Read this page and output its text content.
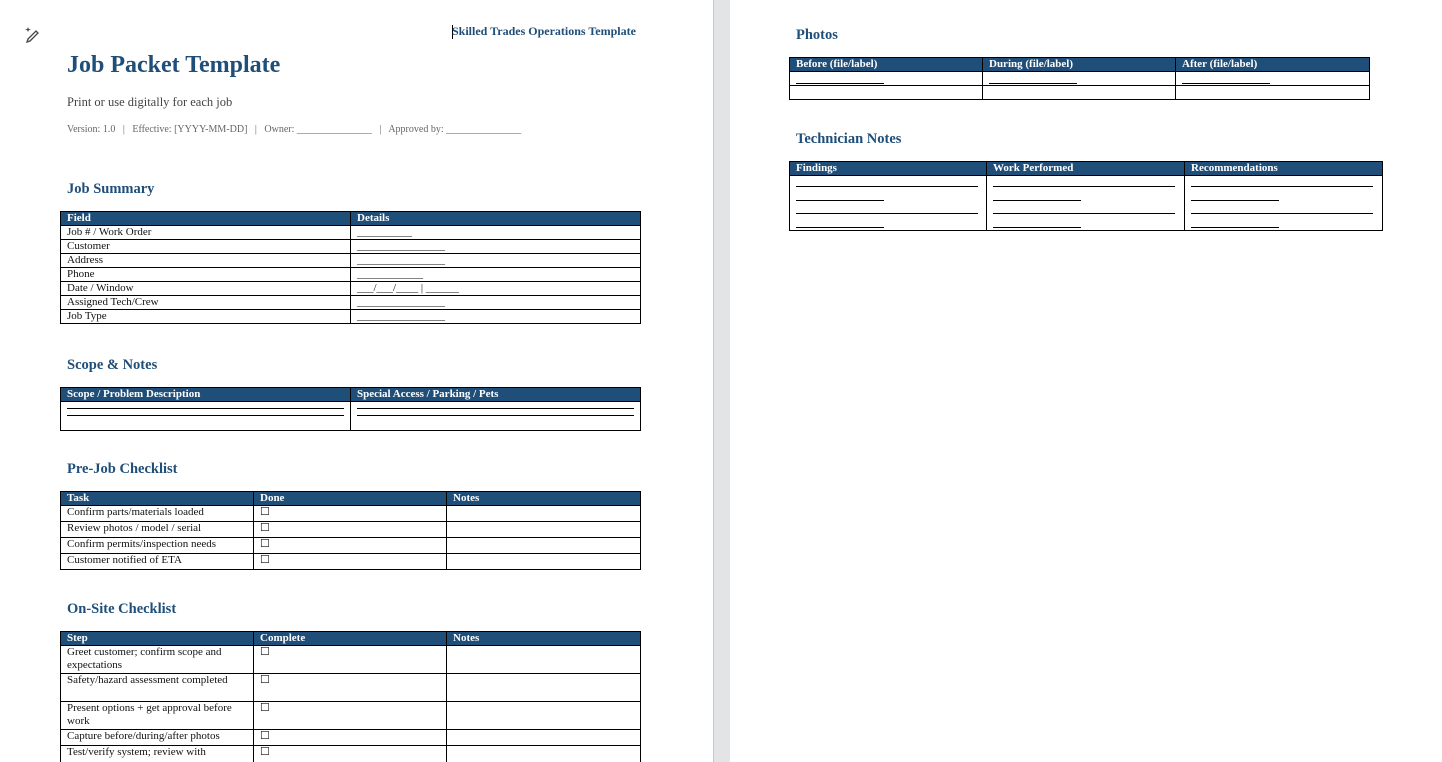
Skilled Trades Operations Template
Job Packet Template
Print or use digitally for each job
Version: 1.0   |   Effective: [YYYY-MM-DD]   |   Owner: _______________   |   Approved by: _______________
Job Summary
Field	Details
Job # / Work Order	__________
Customer	________________
Address	________________
Phone	____________
Date / Window	___/___/____ | ______
Assigned Tech/Crew	________________
Job Type	________________
Scope & Notes
Scope / Problem Description	Special Access / Parking / Pets

Pre-Job Checklist
Task	Done	Notes
Confirm parts/materials loaded	☐	
Review photos / model / serial	☐	
Confirm permits/inspection needs	☐	
Customer notified of ETA	☐	
On-Site Checklist
Step	Complete	Notes
Greet customer; confirm scope and expectations	☐	
Safety/hazard assessment completed	☐	
Present options + get approval before work	☐	
Capture before/during/after photos	☐	
Test/verify system; review with	☐	
Photos
Before (file/label)	During (file/label)	After (file/label)

Technician Notes
Findings	Work Performed	Recommendations
